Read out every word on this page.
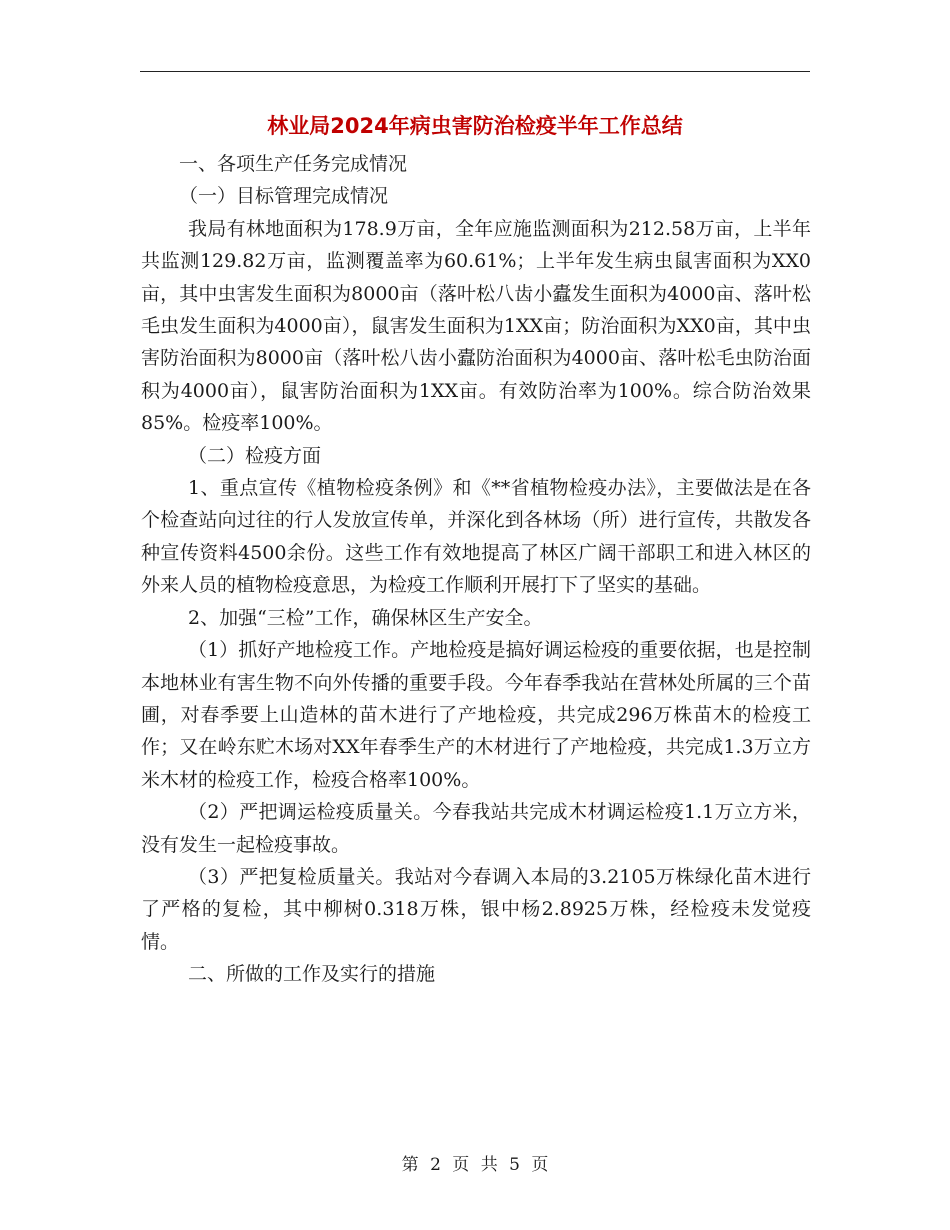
林业局2024年病虫害防治检疫半年工作总结

一、各项生产任务完成情况

（一）目标管理完成情况

我局有林地面积为178.9万亩，全年应施监测面积为212.58万亩，上半年共监测129.82万亩，监测覆盖率为60.61%；上半年发生病虫鼠害面积为XX0亩，其中虫害发生面积为8000亩（落叶松八齿小蠹发生面积为4000亩、落叶松毛虫发生面积为4000亩），鼠害发生面积为1XX亩；防治面积为XX0亩，其中虫害防治面积为8000亩（落叶松八齿小蠹防治面积为4000亩、落叶松毛虫防治面积为4000亩），鼠害防治面积为1XX亩。有效防治率为100%。综合防治效果85%。检疫率100%。

（二）检疫方面

1、重点宣传《植物检疫条例》和《**省植物检疫办法》，主要做法是在各个检查站向过往的行人发放宣传单，并深化到各林场（所）进行宣传，共散发各种宣传资料4500余份。这些工作有效地提高了林区广阔干部职工和进入林区的外来人员的植物检疫意思，为检疫工作顺利开展打下了坚实的基础。

2、加强“三检”工作，确保林区生产安全。

（1）抓好产地检疫工作。产地检疫是搞好调运检疫的重要依据，也是控制本地林业有害生物不向外传播的重要手段。今年春季我站在营林处所属的三个苗圃，对春季要上山造林的苗木进行了产地检疫，共完成296万株苗木的检疫工作；又在岭东贮木场对XX年春季生产的木材进行了产地检疫，共完成1.3万立方米木材的检疫工作，检疫合格率100%。

（2）严把调运检疫质量关。今春我站共完成木材调运检疫1.1万立方米，没有发生一起检疫事故。

（3）严把复检质量关。我站对今春调入本局的3.2105万株绿化苗木进行了严格的复检，其中柳树0.318万株，银中杨2.8925万株，经检疫未发觉疫情。

二、所做的工作及实行的措施

第 2 页 共 5 页
